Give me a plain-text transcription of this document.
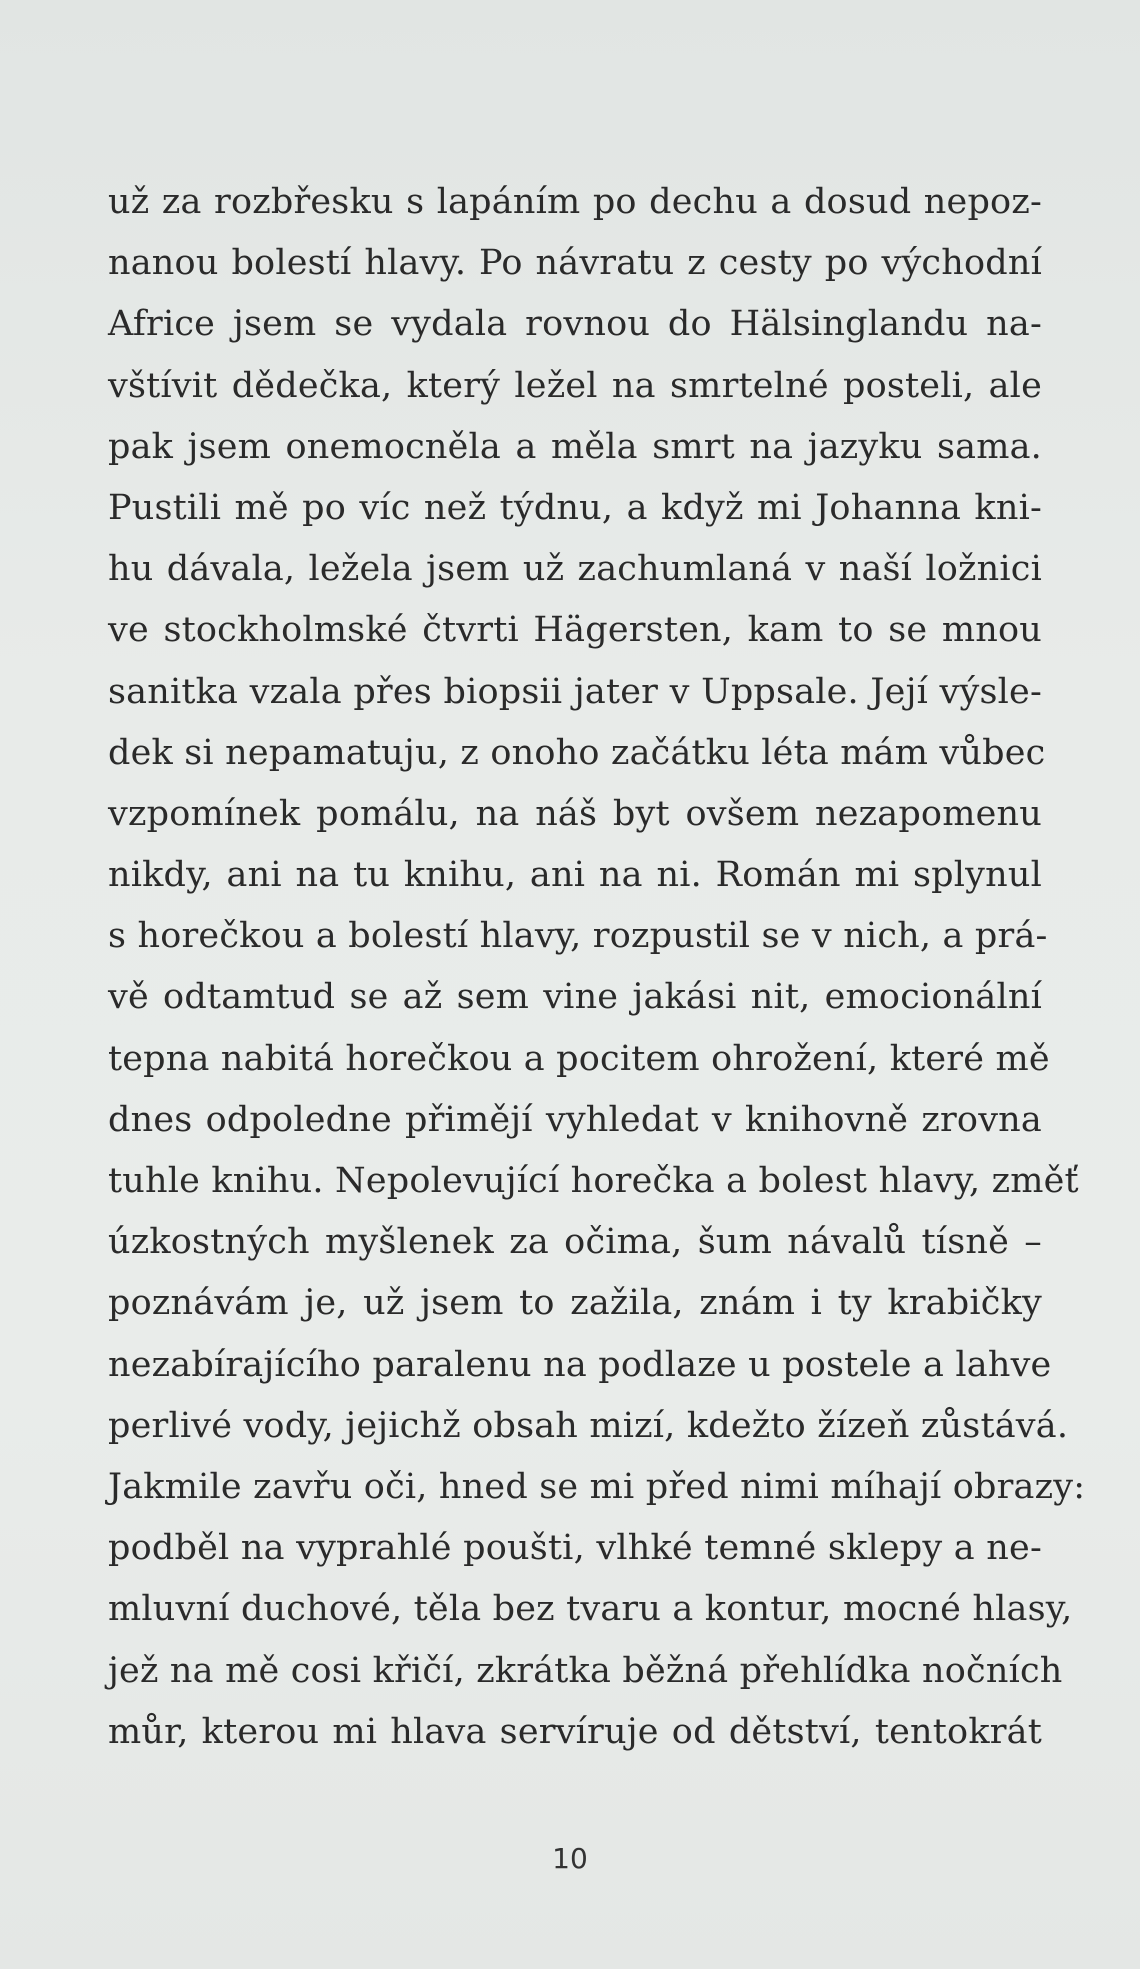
už za rozbřesku s lapáním po dechu a dosud nepoz-
nanou bolestí hlavy. Po návratu z cesty po východní
Africe jsem se vydala rovnou do Hälsinglandu na-
vštívit dědečka, který ležel na smrtelné posteli, ale
pak jsem onemocněla a měla smrt na jazyku sama.
Pustili mě po víc než týdnu, a když mi Johanna kni-
hu dávala, ležela jsem už zachumlaná v naší ložnici
ve stockholmské čtvrti Hägersten, kam to se mnou
sanitka vzala přes biopsii jater v Uppsale. Její výsle-
dek si nepamatuju, z onoho začátku léta mám vůbec
vzpomínek pomálu, na náš byt ovšem nezapomenu
nikdy, ani na tu knihu, ani na ni. Román mi splynul
s horečkou a bolestí hlavy, rozpustil se v nich, a prá-
vě odtamtud se až sem vine jakási nit, emocionální
tepna nabitá horečkou a pocitem ohrožení, které mě
dnes odpoledne přimějí vyhledat v knihovně zrovna
tuhle knihu. Nepolevující horečka a bolest hlavy, změť
úzkostných myšlenek za očima, šum návalů tísně –
poznávám je, už jsem to zažila, znám i ty krabičky
nezabírajícího paralenu na podlaze u postele a lahve
perlivé vody, jejichž obsah mizí, kdežto žízeň zůstává.
Jakmile zavřu oči, hned se mi před nimi míhají obrazy:
podběl na vyprahlé poušti, vlhké temné sklepy a ne-
mluvní duchové, těla bez tvaru a kontur, mocné hlasy,
jež na mě cosi křičí, zkrátka běžná přehlídka nočních
můr, kterou mi hlava servíruje od dětství, tentokrát
10
